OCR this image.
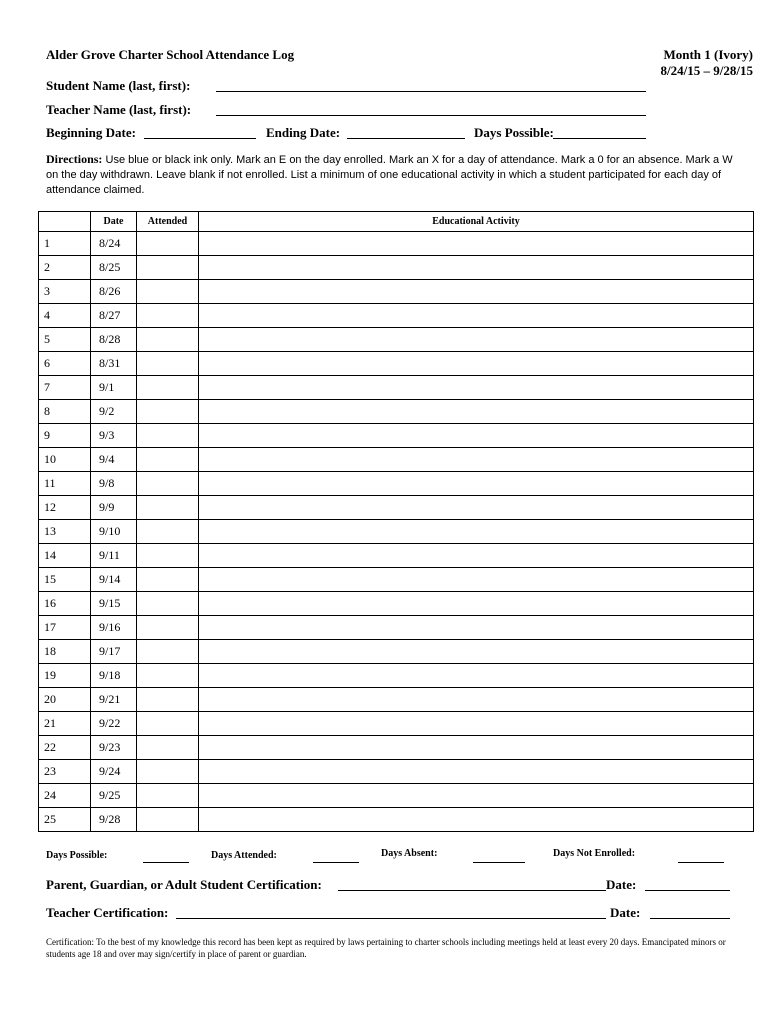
Alder Grove Charter School Attendance Log	Month 1 (Ivory)
8/24/15 – 9/28/15
Student Name (last, first):
Teacher Name (last, first):
Beginning Date:	Ending Date:	Days Possible:
Directions: Use blue or black ink only. Mark an E on the day enrolled. Mark an X for a day of attendance. Mark a 0 for an absence. Mark a W on the day withdrawn. Leave blank if not enrolled. List a minimum of one educational activity in which a student participated for each day of attendance claimed.
	Date	Attended	Educational Activity
1	8/24		
2	8/25		
3	8/26		
4	8/27		
5	8/28		
6	8/31		
7	9/1		
8	9/2		
9	9/3		
10	9/4		
11	9/8		
12	9/9		
13	9/10		
14	9/11		
15	9/14		
16	9/15		
17	9/16		
18	9/17		
19	9/18		
20	9/21		
21	9/22		
22	9/23		
23	9/24		
24	9/25		
25	9/28		
Days Possible:	Days Attended:	Days Absent:	Days Not Enrolled:
Parent, Guardian, or Adult Student Certification:	Date:
Teacher Certification:	Date:
Certification: To the best of my knowledge this record has been kept as required by laws pertaining to charter schools including meetings held at least every 20 days. Emancipated minors or students age 18 and over may sign/certify in place of parent or guardian.
